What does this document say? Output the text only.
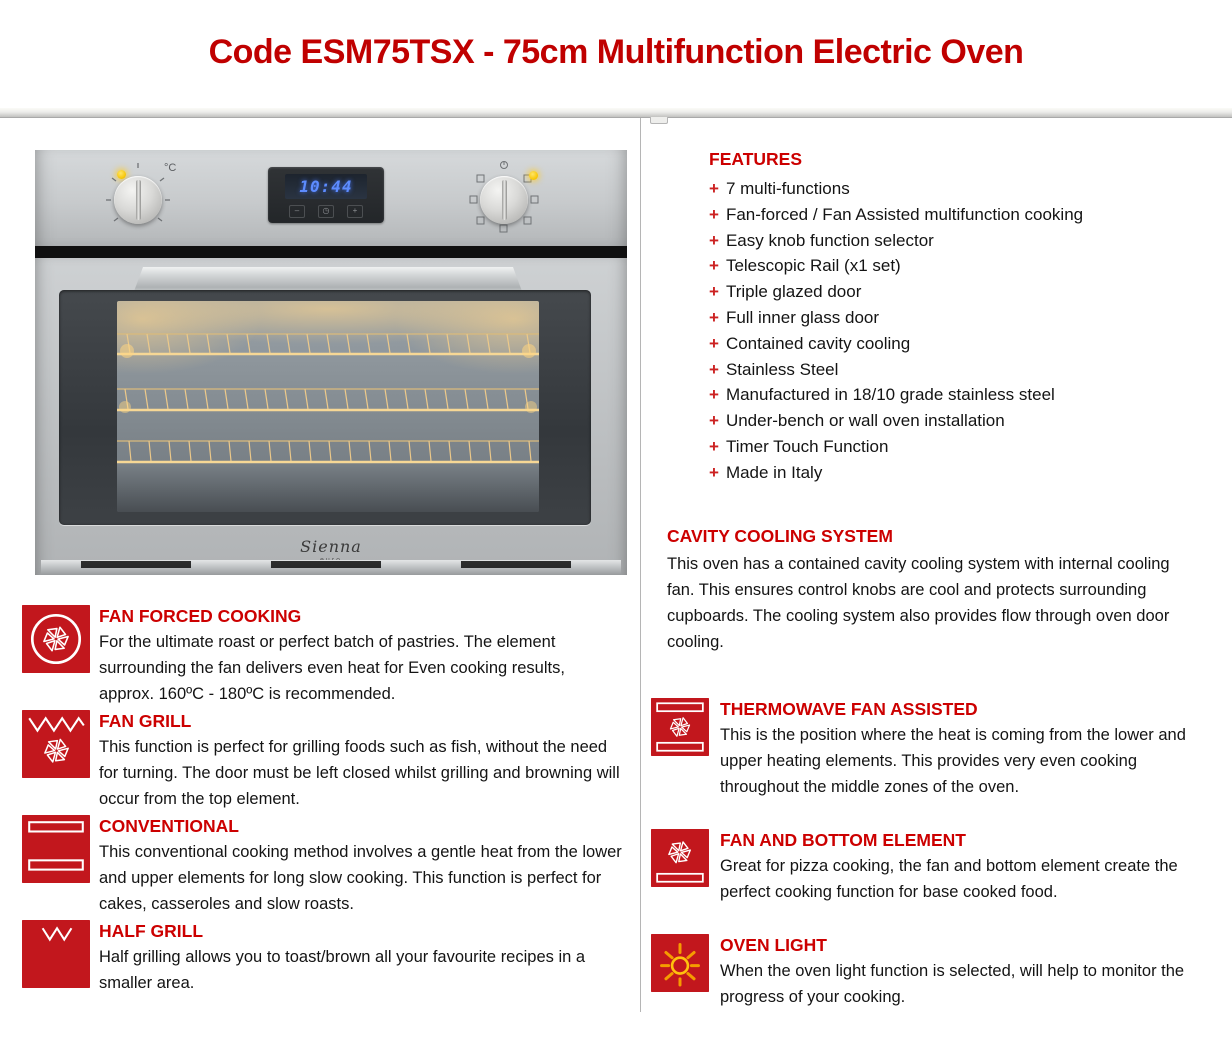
Code ESM75TSX - 75cm Multifunction Electric Oven
°C
10:44
–	◷	+
Sienna

FAN FORCED COOKING

For the ultimate roast or perfect batch of pastries. The element surrounding the fan delivers even heat for Even cooking results, approx. 160ºC - 180ºC is recommended.

FAN GRILL

This function is perfect for grilling foods such as fish, without the need for turning. The door must be left closed whilst grilling and browning will occur from the top element.

CONVENTIONAL

This conventional cooking method involves a gentle heat from the lower and upper elements for long slow cooking. This function is perfect for cakes, casseroles and slow roasts.

HALF GRILL

Half grilling allows you to toast/brown all your favourite recipes in a smaller area.

FEATURES

+ 7 multi-functions
+ Fan-forced / Fan Assisted multifunction cooking
+ Easy knob function selector
+ Telescopic Rail (x1 set)
+ Triple glazed door
+ Full inner glass door
+ Contained cavity cooling
+ Stainless Steel
+ Manufactured in 18/10 grade stainless steel
+ Under-bench or wall oven installation
+ Timer Touch Function
+ Made in Italy

CAVITY COOLING SYSTEM

This oven has a contained cavity cooling system with internal cooling fan. This ensures control knobs are cool and protects surrounding cupboards. The cooling system also provides flow through oven door cooling.

THERMOWAVE FAN ASSISTED

This is the position where the heat is coming from the lower and upper heating elements. This provides very even cooking throughout the middle zones of the oven.

FAN AND BOTTOM ELEMENT

Great for pizza cooking, the fan and bottom element create the perfect cooking function for base cooked food.

OVEN LIGHT

When the oven light function is selected, will help to monitor the progress of your cooking.
